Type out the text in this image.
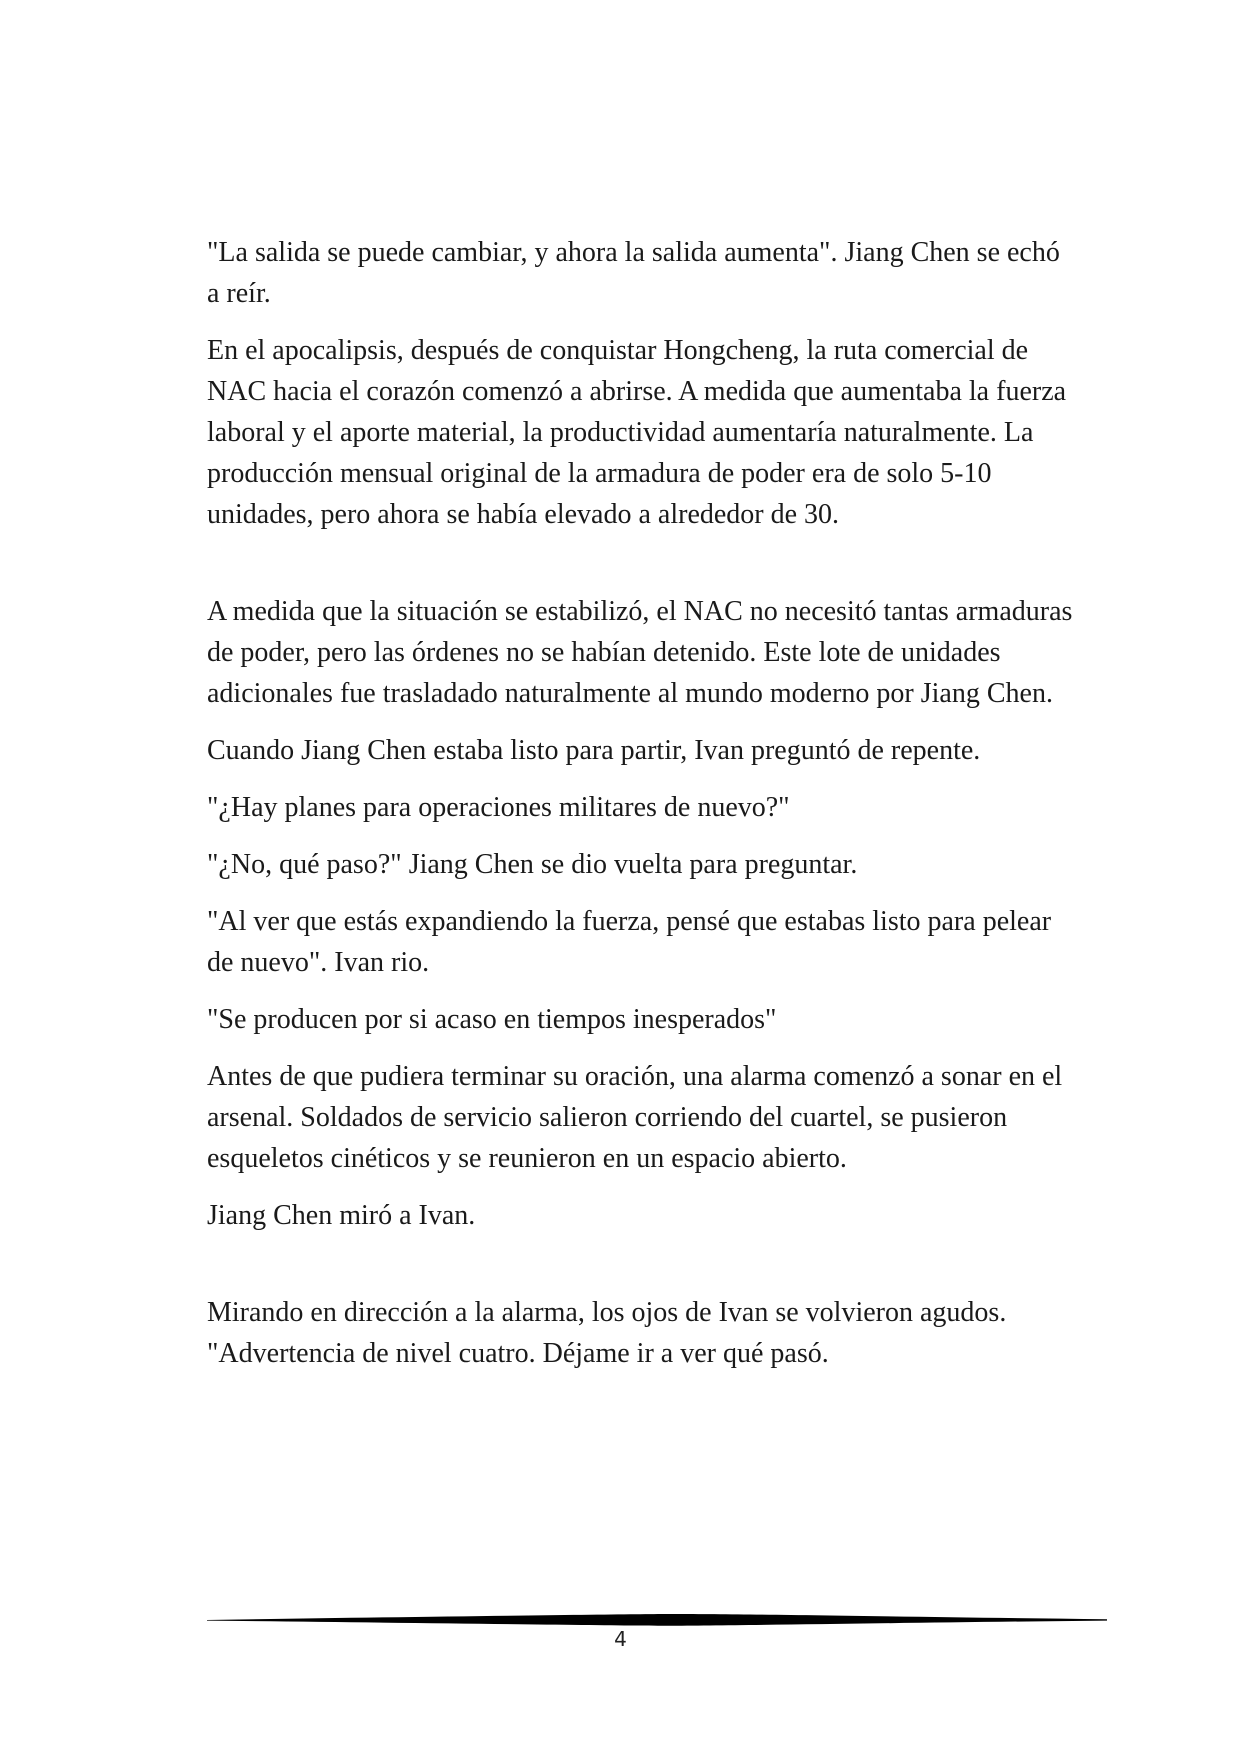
"La salida se puede cambiar, y ahora la salida aumenta". Jiang Chen se echó a reír.

En el apocalipsis, después de conquistar Hongcheng, la ruta comercial de NAC hacia el corazón comenzó a abrirse. A medida que aumentaba la fuerza laboral y el aporte material, la productividad aumentaría naturalmente. La producción mensual original de la armadura de poder era de solo 5-10 unidades, pero ahora se había elevado a alrededor de 30.

A medida que la situación se estabilizó, el NAC no necesitó tantas armaduras de poder, pero las órdenes no se habían detenido. Este lote de unidades adicionales fue trasladado naturalmente al mundo moderno por Jiang Chen.

Cuando Jiang Chen estaba listo para partir, Ivan preguntó de repente.

"¿Hay planes para operaciones militares de nuevo?"

"¿No, qué paso?" Jiang Chen se dio vuelta para preguntar.

"Al ver que estás expandiendo la fuerza, pensé que estabas listo para pelear de nuevo". Ivan rio.

"Se producen por si acaso en tiempos inesperados"

Antes de que pudiera terminar su oración, una alarma comenzó a sonar en el arsenal. Soldados de servicio salieron corriendo del cuartel, se pusieron esqueletos cinéticos y se reunieron en un espacio abierto.

Jiang Chen miró a Ivan.

Mirando en dirección a la alarma, los ojos de Ivan se volvieron agudos. "Advertencia de nivel cuatro. Déjame ir a ver qué pasó.

4
